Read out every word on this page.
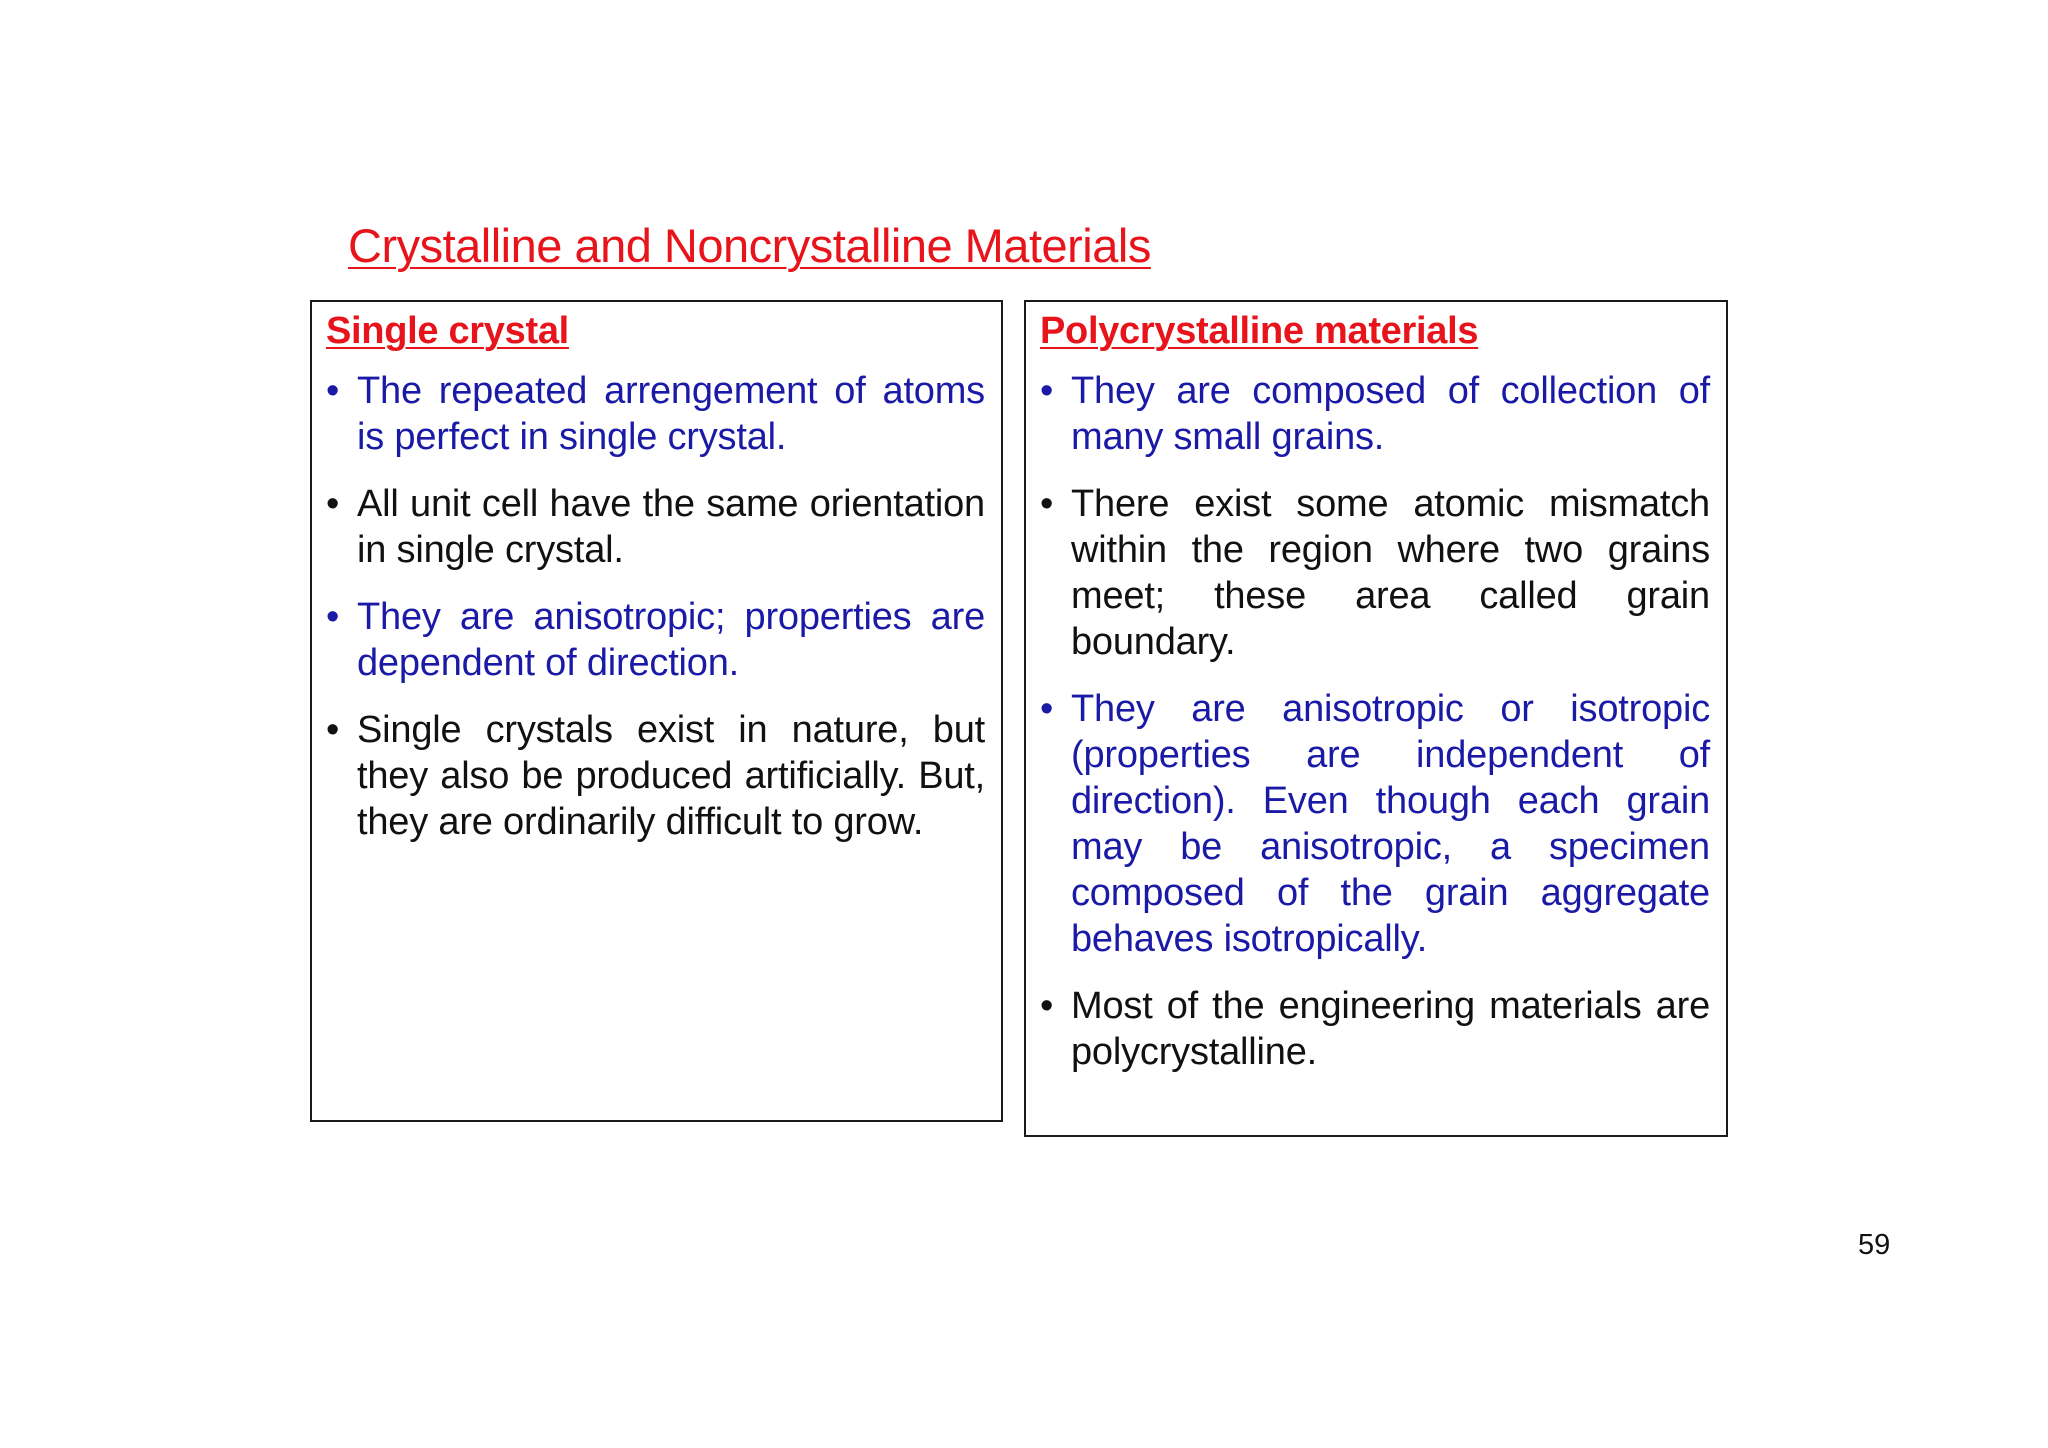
Crystalline and Noncrystalline Materials
Single crystal
• The repeated arrengement of atoms is perfect in single crystal.
• All unit cell have the same orientation in single crystal.
• They are anisotropic; properties are dependent of direction.
• Single crystals exist in nature, but they also be produced artificially. But, they are ordinarily difficult to grow.
Polycrystalline materials
• They are composed of collection of many small grains.
• There exist some atomic mismatch within the region where two grains meet; these area called grain boundary.
• They are anisotropic or isotropic (properties are independent of direction). Even though each grain may be anisotropic, a specimen composed of the grain aggregate behaves isotropically.
• Most of the engineering materials are polycrystalline.
59
